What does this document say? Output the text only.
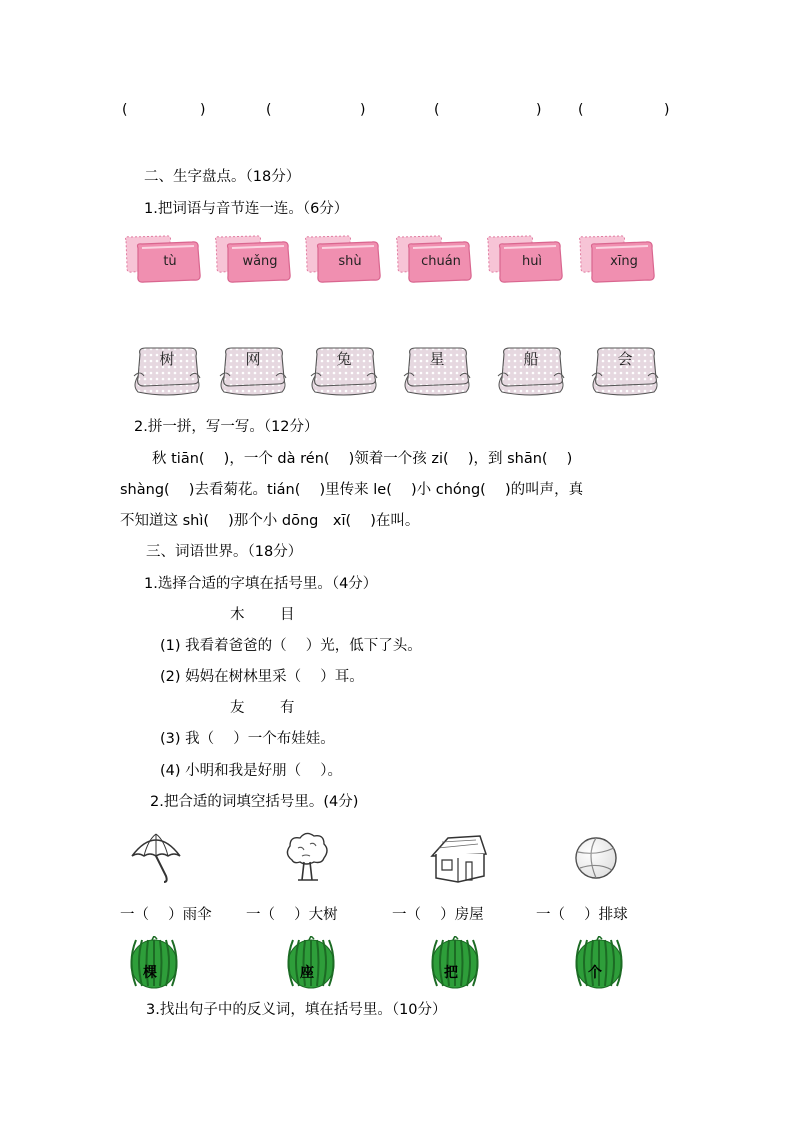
(	)	(	)	(	)	(	)
二、生字盘点。（18分）
1.把词语与音节连一连。（6分）
tù	wǎng	shù	chuán	huì	xīng
树	网	兔	星	船	会
2.拼一拼，写一写。（12分）
秋 tiān(　 )，一个 dà rén(　 )领着一个孩 zi(　 )，到 shān(　 )
shàng(　 )去看菊花。tián(　 )里传来 le(　 )小 chóng(　 )的叫声，真
不知道这 shì(　 )那个小 dōng　xī(　 )在叫。
三、词语世界。（18分）
1.选择合适的字填在括号里。（4分）
木 目
(1) 我看着爸爸的（　 ）光，低下了头。
(2) 妈妈在树林里采（　 ）耳。
友 有
(3) 我（　 ）一个布娃娃。
(4) 小明和我是好朋（　 ）。
2.把合适的词填空括号里。(4分)
一（　 ）雨伞 一（　 ）大树	一（　 ）房屋	一（　 ）排球
棵	座	把	个
3.找出句子中的反义词，填在括号里。（10分）
